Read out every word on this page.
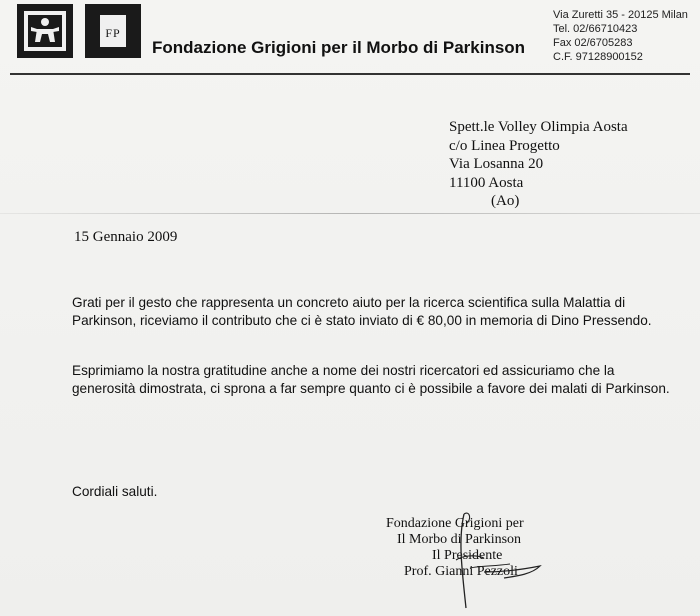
FP
Fondazione Grigioni per il Morbo di Parkinson
Via Zuretti 35 - 20125 Milan
Tel. 02/66710423
Fax 02/6705283
C.F. 97128900152
Spett.le Volley Olimpia Aosta
c/o Linea Progetto
Via Losanna 20
11100 Aosta
(Ao)
15 Gennaio 2009
Grati per il gesto che rappresenta un concreto aiuto per la ricerca scientifica sulla Malattia di Parkinson, riceviamo il contributo che ci è stato inviato di € 80,00 in memoria di Dino Pressendo.
Esprimiamo la nostra gratitudine anche a nome dei nostri ricercatori ed assicuriamo che la generosità dimostrata, ci sprona a far sempre quanto ci è possibile a favore dei malati di Parkinson.
Cordiali saluti.
Fondazione Grigioni per
Il Morbo di Parkinson
Il Presidente
Prof. Gianni Pezzoli
